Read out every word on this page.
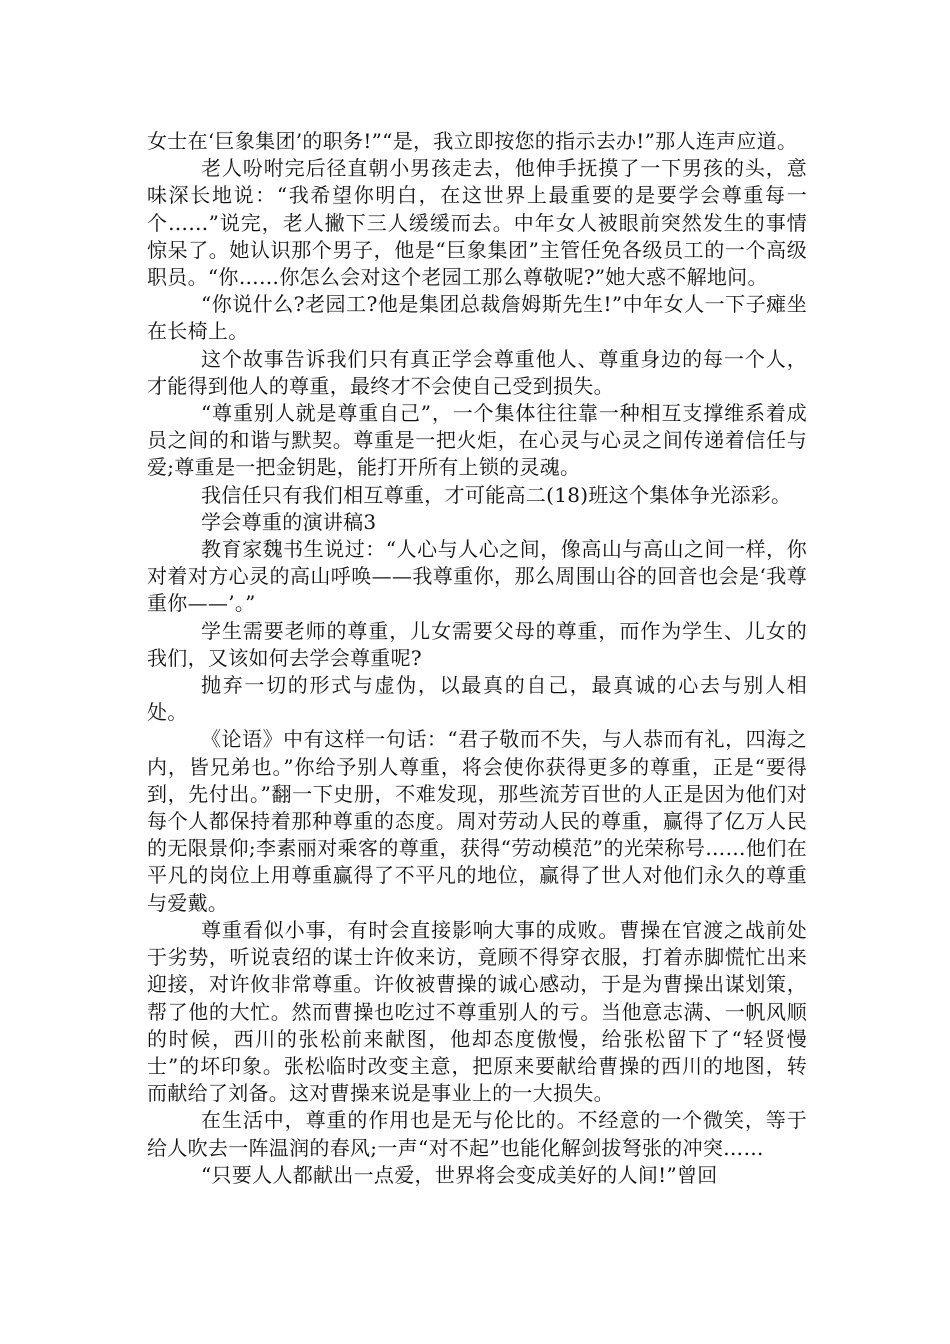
女士在‘巨象集团’的职务!”“是，我立即按您的指示去办!”那人连声应道。

老人吩咐完后径直朝小男孩走去，他伸手抚摸了一下男孩的头，意味深长地说：“我希望你明白，在这世界上最重要的是要学会尊重每一个……”说完，老人撇下三人缓缓而去。中年女人被眼前突然发生的事情惊呆了。她认识那个男子，他是“巨象集团”主管任免各级员工的一个高级职员。“你……你怎么会对这个老园工那么尊敬呢?”她大惑不解地问。

“你说什么?老园工?他是集团总裁詹姆斯先生!”中年女人一下子瘫坐在长椅上。

这个故事告诉我们只有真正学会尊重他人、尊重身边的每一个人，才能得到他人的尊重，最终才不会使自己受到损失。

“尊重别人就是尊重自己”，一个集体往往靠一种相互支撑维系着成员之间的和谐与默契。尊重是一把火炬，在心灵与心灵之间传递着信任与爱;尊重是一把金钥匙，能打开所有上锁的灵魂。

我信任只有我们相互尊重，才可能高二(18)班这个集体争光添彩。

学会尊重的演讲稿3

教育家魏书生说过：“人心与人心之间，像高山与高山之间一样，你对着对方心灵的高山呼唤——我尊重你，那么周围山谷的回音也会是‘我尊重你——’。”

学生需要老师的尊重，儿女需要父母的尊重，而作为学生、儿女的我们，又该如何去学会尊重呢?

抛弃一切的形式与虚伪，以最真的自己，最真诚的心去与别人相处。

《论语》中有这样一句话：“君子敬而不失，与人恭而有礼，四海之内，皆兄弟也。”你给予别人尊重，将会使你获得更多的尊重，正是“要得到，先付出。”翻一下史册，不难发现，那些流芳百世的人正是因为他们对每个人都保持着那种尊重的态度。周对劳动人民的尊重，赢得了亿万人民的无限景仰;李素丽对乘客的尊重，获得“劳动模范”的光荣称号……他们在平凡的岗位上用尊重赢得了不平凡的地位，赢得了世人对他们永久的尊重与爱戴。

尊重看似小事，有时会直接影响大事的成败。曹操在官渡之战前处于劣势，听说袁绍的谋士许攸来访，竟顾不得穿衣服，打着赤脚慌忙出来迎接，对许攸非常尊重。许攸被曹操的诚心感动，于是为曹操出谋划策，帮了他的大忙。然而曹操也吃过不尊重别人的亏。当他意志满、一帆风顺的时候，西川的张松前来献图，他却态度傲慢，给张松留下了“轻贤慢士”的坏印象。张松临时改变主意，把原来要献给曹操的西川的地图，转而献给了刘备。这对曹操来说是事业上的一大损失。

在生活中，尊重的作用也是无与伦比的。不经意的一个微笑，等于给人吹去一阵温润的春风;一声“对不起”也能化解剑拔弩张的冲突……

“只要人人都献出一点爱，世界将会变成美好的人间!”曾回
